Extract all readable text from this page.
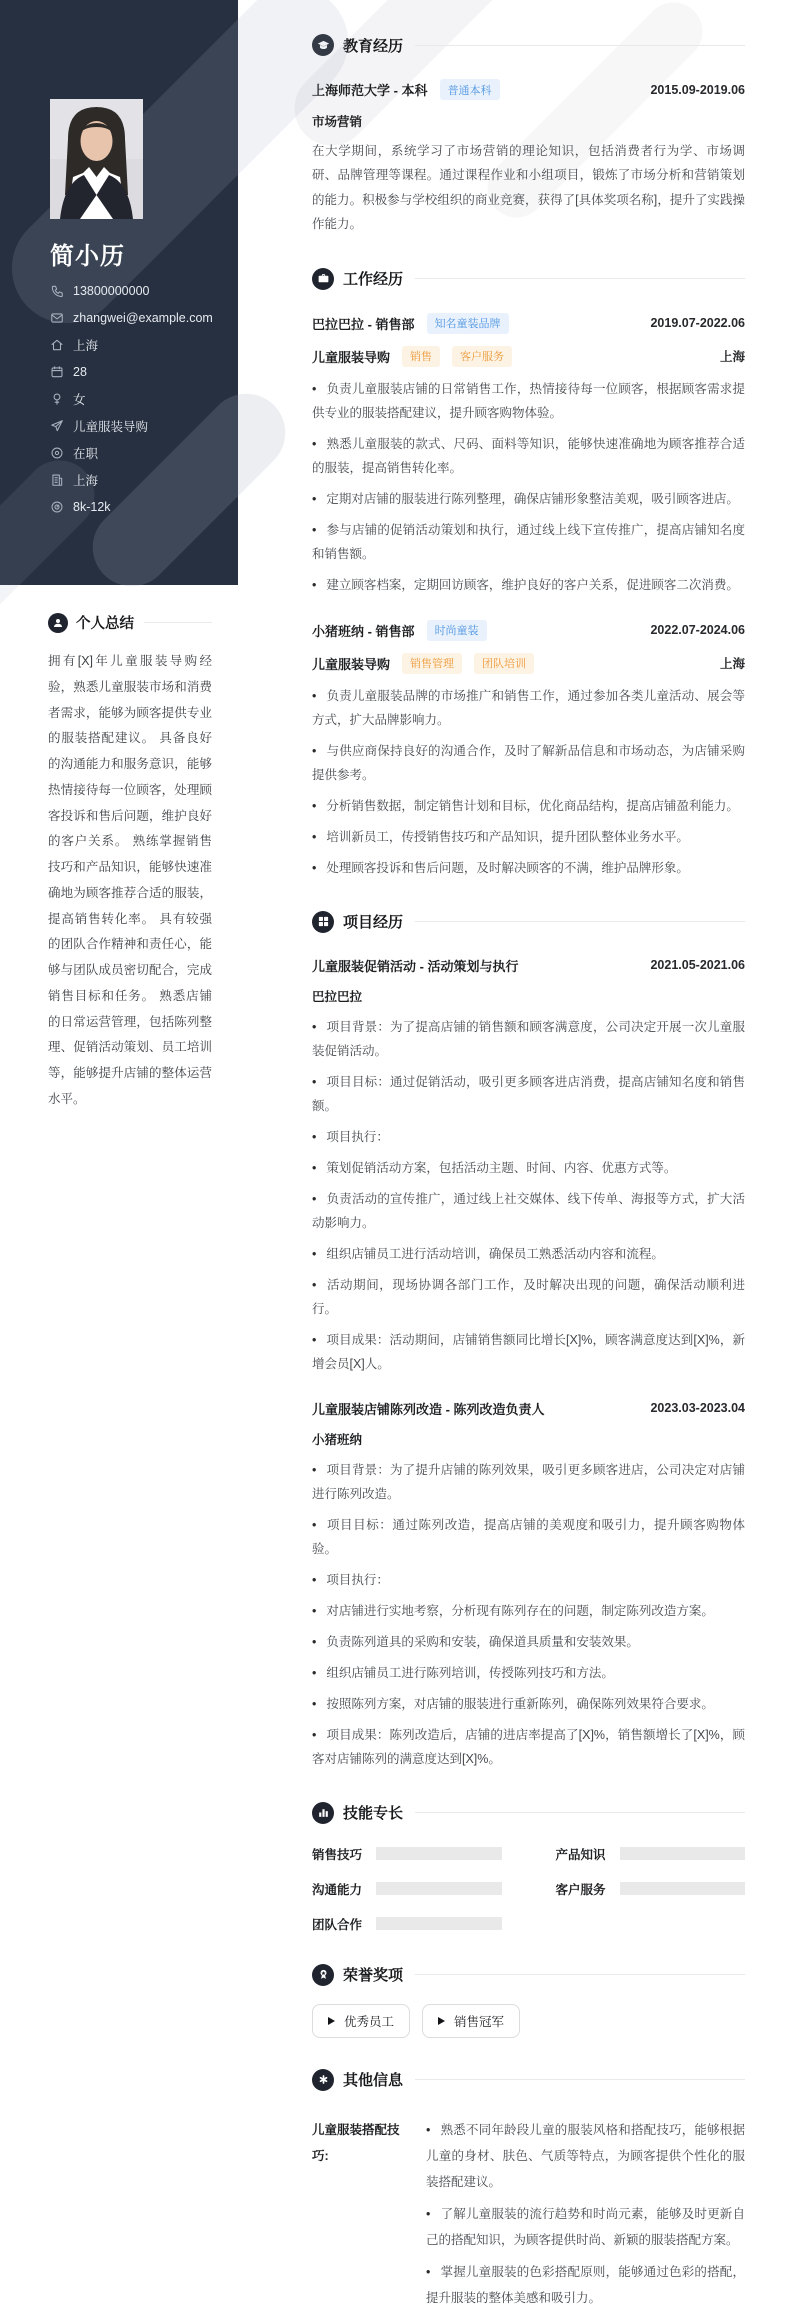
简小历
13800000000
zhangwei@example.com
上海
28
女
儿童服装导购
在职
上海
8k-12k
个人总结

拥有[X]年儿童服装导购经验，熟悉儿童服装市场和消费者需求，能够为顾客提供专业的服装搭配建议。 具备良好的沟通能力和服务意识，能够热情接待每一位顾客，处理顾客投诉和售后问题，维护良好的客户关系。 熟练掌握销售技巧和产品知识，能够快速准确地为顾客推荐合适的服装，提高销售转化率。 具有较强的团队合作精神和责任心，能够与团队成员密切配合，完成销售目标和任务。 熟悉店铺的日常运营管理，包括陈列整理、促销活动策划、员工培训等，能够提升店铺的整体运营水平。

教育经历
上海师范大学 - 本科	普通本科	2015.09-2019.06
市场营销

在大学期间，系统学习了市场营销的理论知识，包括消费者行为学、市场调研、品牌管理等课程。通过课程作业和小组项目，锻炼了市场分析和营销策划的能力。积极参与学校组织的商业竞赛，获得了[具体奖项名称]，提升了实践操作能力。

工作经历
巴拉巴拉 - 销售部	知名童装品牌	2019.07-2022.06
儿童服装导购	销售	客户服务	上海
• 负责儿童服装店铺的日常销售工作，热情接待每一位顾客，根据顾客需求提供专业的服装搭配建议，提升顾客购物体验。
• 熟悉儿童服装的款式、尺码、面料等知识，能够快速准确地为顾客推荐合适的服装，提高销售转化率。
• 定期对店铺的服装进行陈列整理，确保店铺形象整洁美观，吸引顾客进店。
• 参与店铺的促销活动策划和执行，通过线上线下宣传推广，提高店铺知名度和销售额。
• 建立顾客档案，定期回访顾客，维护良好的客户关系，促进顾客二次消费。
小猪班纳 - 销售部	时尚童装	2022.07-2024.06
儿童服装导购	销售管理	团队培训	上海
• 负责儿童服装品牌的市场推广和销售工作，通过参加各类儿童活动、展会等方式，扩大品牌影响力。
• 与供应商保持良好的沟通合作，及时了解新品信息和市场动态，为店铺采购提供参考。
• 分析销售数据，制定销售计划和目标，优化商品结构，提高店铺盈利能力。
• 培训新员工，传授销售技巧和产品知识，提升团队整体业务水平。
• 处理顾客投诉和售后问题，及时解决顾客的不满，维护品牌形象。
项目经历
儿童服装促销活动 - 活动策划与执行	2021.05-2021.06
巴拉巴拉
• 项目背景：为了提高店铺的销售额和顾客满意度，公司决定开展一次儿童服装促销活动。
• 项目目标：通过促销活动，吸引更多顾客进店消费，提高店铺知名度和销售额。
• 项目执行：
• 策划促销活动方案，包括活动主题、时间、内容、优惠方式等。
• 负责活动的宣传推广，通过线上社交媒体、线下传单、海报等方式，扩大活动影响力。
• 组织店铺员工进行活动培训，确保员工熟悉活动内容和流程。
• 活动期间，现场协调各部门工作，及时解决出现的问题，确保活动顺利进行。
• 项目成果：活动期间，店铺销售额同比增长[X]%，顾客满意度达到[X]%，新增会员[X]人。
儿童服装店铺陈列改造 - 陈列改造负责人	2023.03-2023.04
小猪班纳
• 项目背景：为了提升店铺的陈列效果，吸引更多顾客进店，公司决定对店铺进行陈列改造。
• 项目目标：通过陈列改造，提高店铺的美观度和吸引力，提升顾客购物体验。
• 项目执行：
• 对店铺进行实地考察，分析现有陈列存在的问题，制定陈列改造方案。
• 负责陈列道具的采购和安装，确保道具质量和安装效果。
• 组织店铺员工进行陈列培训，传授陈列技巧和方法。
• 按照陈列方案，对店铺的服装进行重新陈列，确保陈列效果符合要求。
• 项目成果：陈列改造后，店铺的进店率提高了[X]%，销售额增长了[X]%，顾客对店铺陈列的满意度达到[X]%。
技能专长
销售技巧	产品知识
沟通能力	客户服务
团队合作
荣誉奖项
优秀员工	销售冠军
其他信息
儿童服装搭配技巧:
• 熟悉不同年龄段儿童的服装风格和搭配技巧，能够根据儿童的身材、肤色、气质等特点，为顾客提供个性化的服装搭配建议。
• 了解儿童服装的流行趋势和时尚元素，能够及时更新自己的搭配知识，为顾客提供时尚、新颖的服装搭配方案。
• 掌握儿童服装的色彩搭配原则，能够通过色彩的搭配，提升服装的整体美感和吸引力。
